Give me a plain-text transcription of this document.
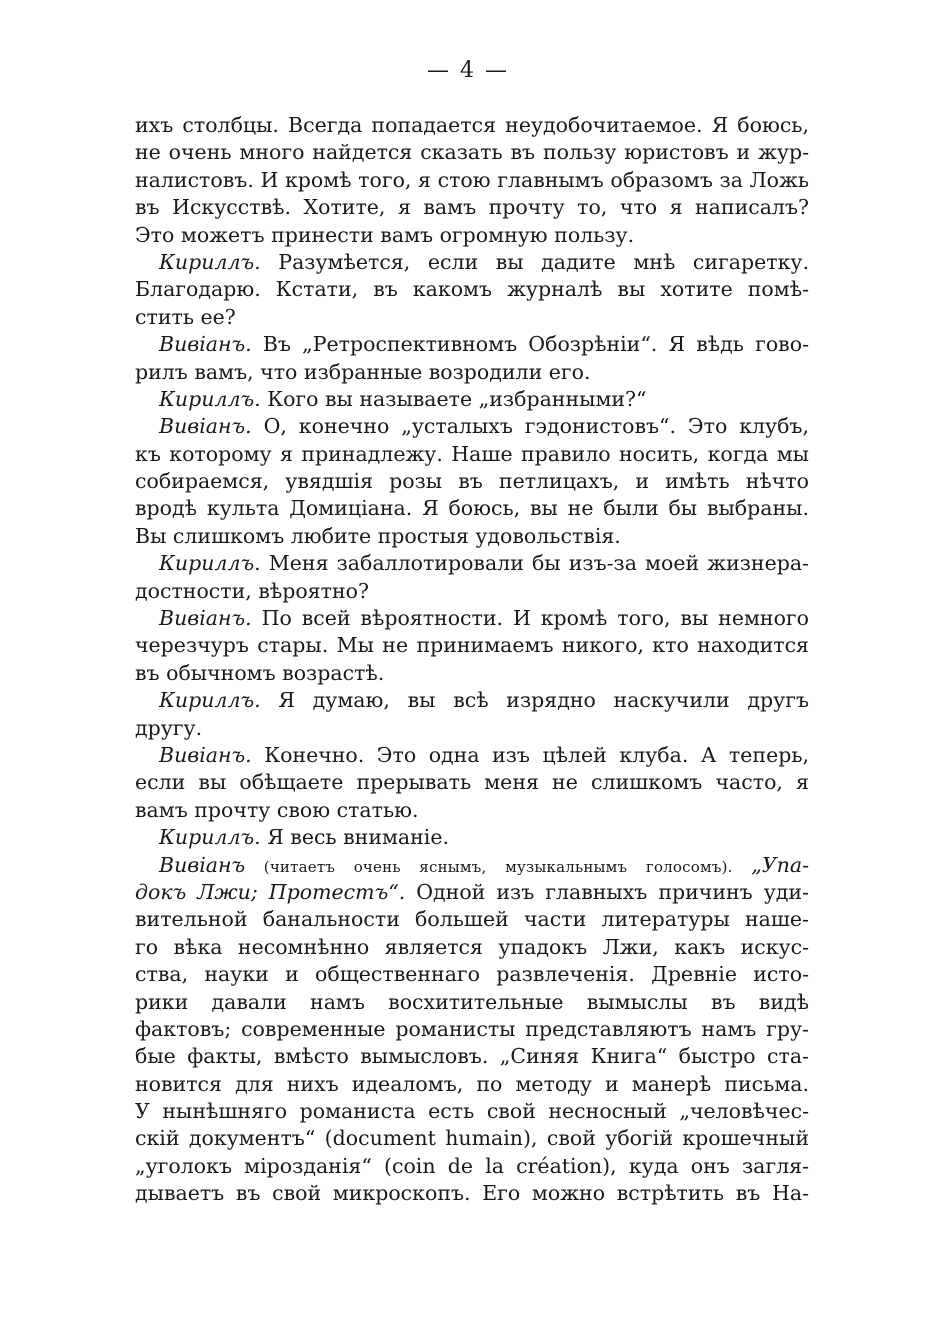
— 4 —
ихъ столбцы. Всегда попадается неудобочитаемое. Я боюсь,
не очень много найдется сказать въ пользу юристовъ и жур-
налистовъ. И кромѣ того, я стою главнымъ образомъ за Ложь
въ Искусствѣ. Хотите, я вамъ прочту то, что я написалъ?
Это можетъ принести вамъ огромную пользу.
Кириллъ. Разумѣется, если вы дадите мнѣ сигаретку.
Благодарю. Кстати, въ какомъ журналѣ вы хотите помѣ-
стить ее?
Вивіанъ. Въ „Ретроспективномъ Обозрѣніи“. Я вѣдь гово-
рилъ вамъ, что избранные возродили его.
Кириллъ. Кого вы называете „избранными?“
Вивіанъ. О, конечно „усталыхъ гэдонистовъ“. Это клубъ,
къ которому я принадлежу. Наше правило носить, когда мы
собираемся, увядшія розы въ петлицахъ, и имѣть нѣчто
вродѣ культа Домиціана. Я боюсь, вы не были бы выбраны.
Вы слишкомъ любите простыя удовольствія.
Кириллъ. Меня забаллотировали бы изъ-за моей жизнера-
достности, вѣроятно?
Вивіанъ. По всей вѣроятности. И кромѣ того, вы немного
черезчуръ стары. Мы не принимаемъ никого, кто находится
въ обычномъ возрастѣ.
Кириллъ. Я думаю, вы всѣ изрядно наскучили другъ
другу.
Вивіанъ. Конечно. Это одна изъ цѣлей клуба. А теперь,
если вы обѣщаете прерывать меня не слишкомъ часто, я
вамъ прочту свою статью.
Кириллъ. Я весь вниманіе.
Вивіанъ (читаетъ очень яснымъ, музыкальнымъ голосомъ). „Упа-
докъ Лжи; Протестъ“. Одной изъ главныхъ причинъ уди-
вительной банальности большей части литературы наше-
го вѣка несомнѣнно является упадокъ Лжи, какъ искус-
ства, науки и общественнаго развлеченія. Древніе исто-
рики давали намъ восхитительные вымыслы въ видѣ
фактовъ; современные романисты представляютъ намъ гру-
бые факты, вмѣсто вымысловъ. „Синяя Книга“ быстро ста-
новится для нихъ идеаломъ, по методу и манерѣ письма.
У нынѣшняго романиста есть свой несносный „человѣчес-
скій документъ“ (document humain), свой убогій крошечный
„уголокъ мірозданія“ (coin de la création), куда онъ загля-
дываетъ въ свой микроскопъ. Его можно встрѣтить въ На-
